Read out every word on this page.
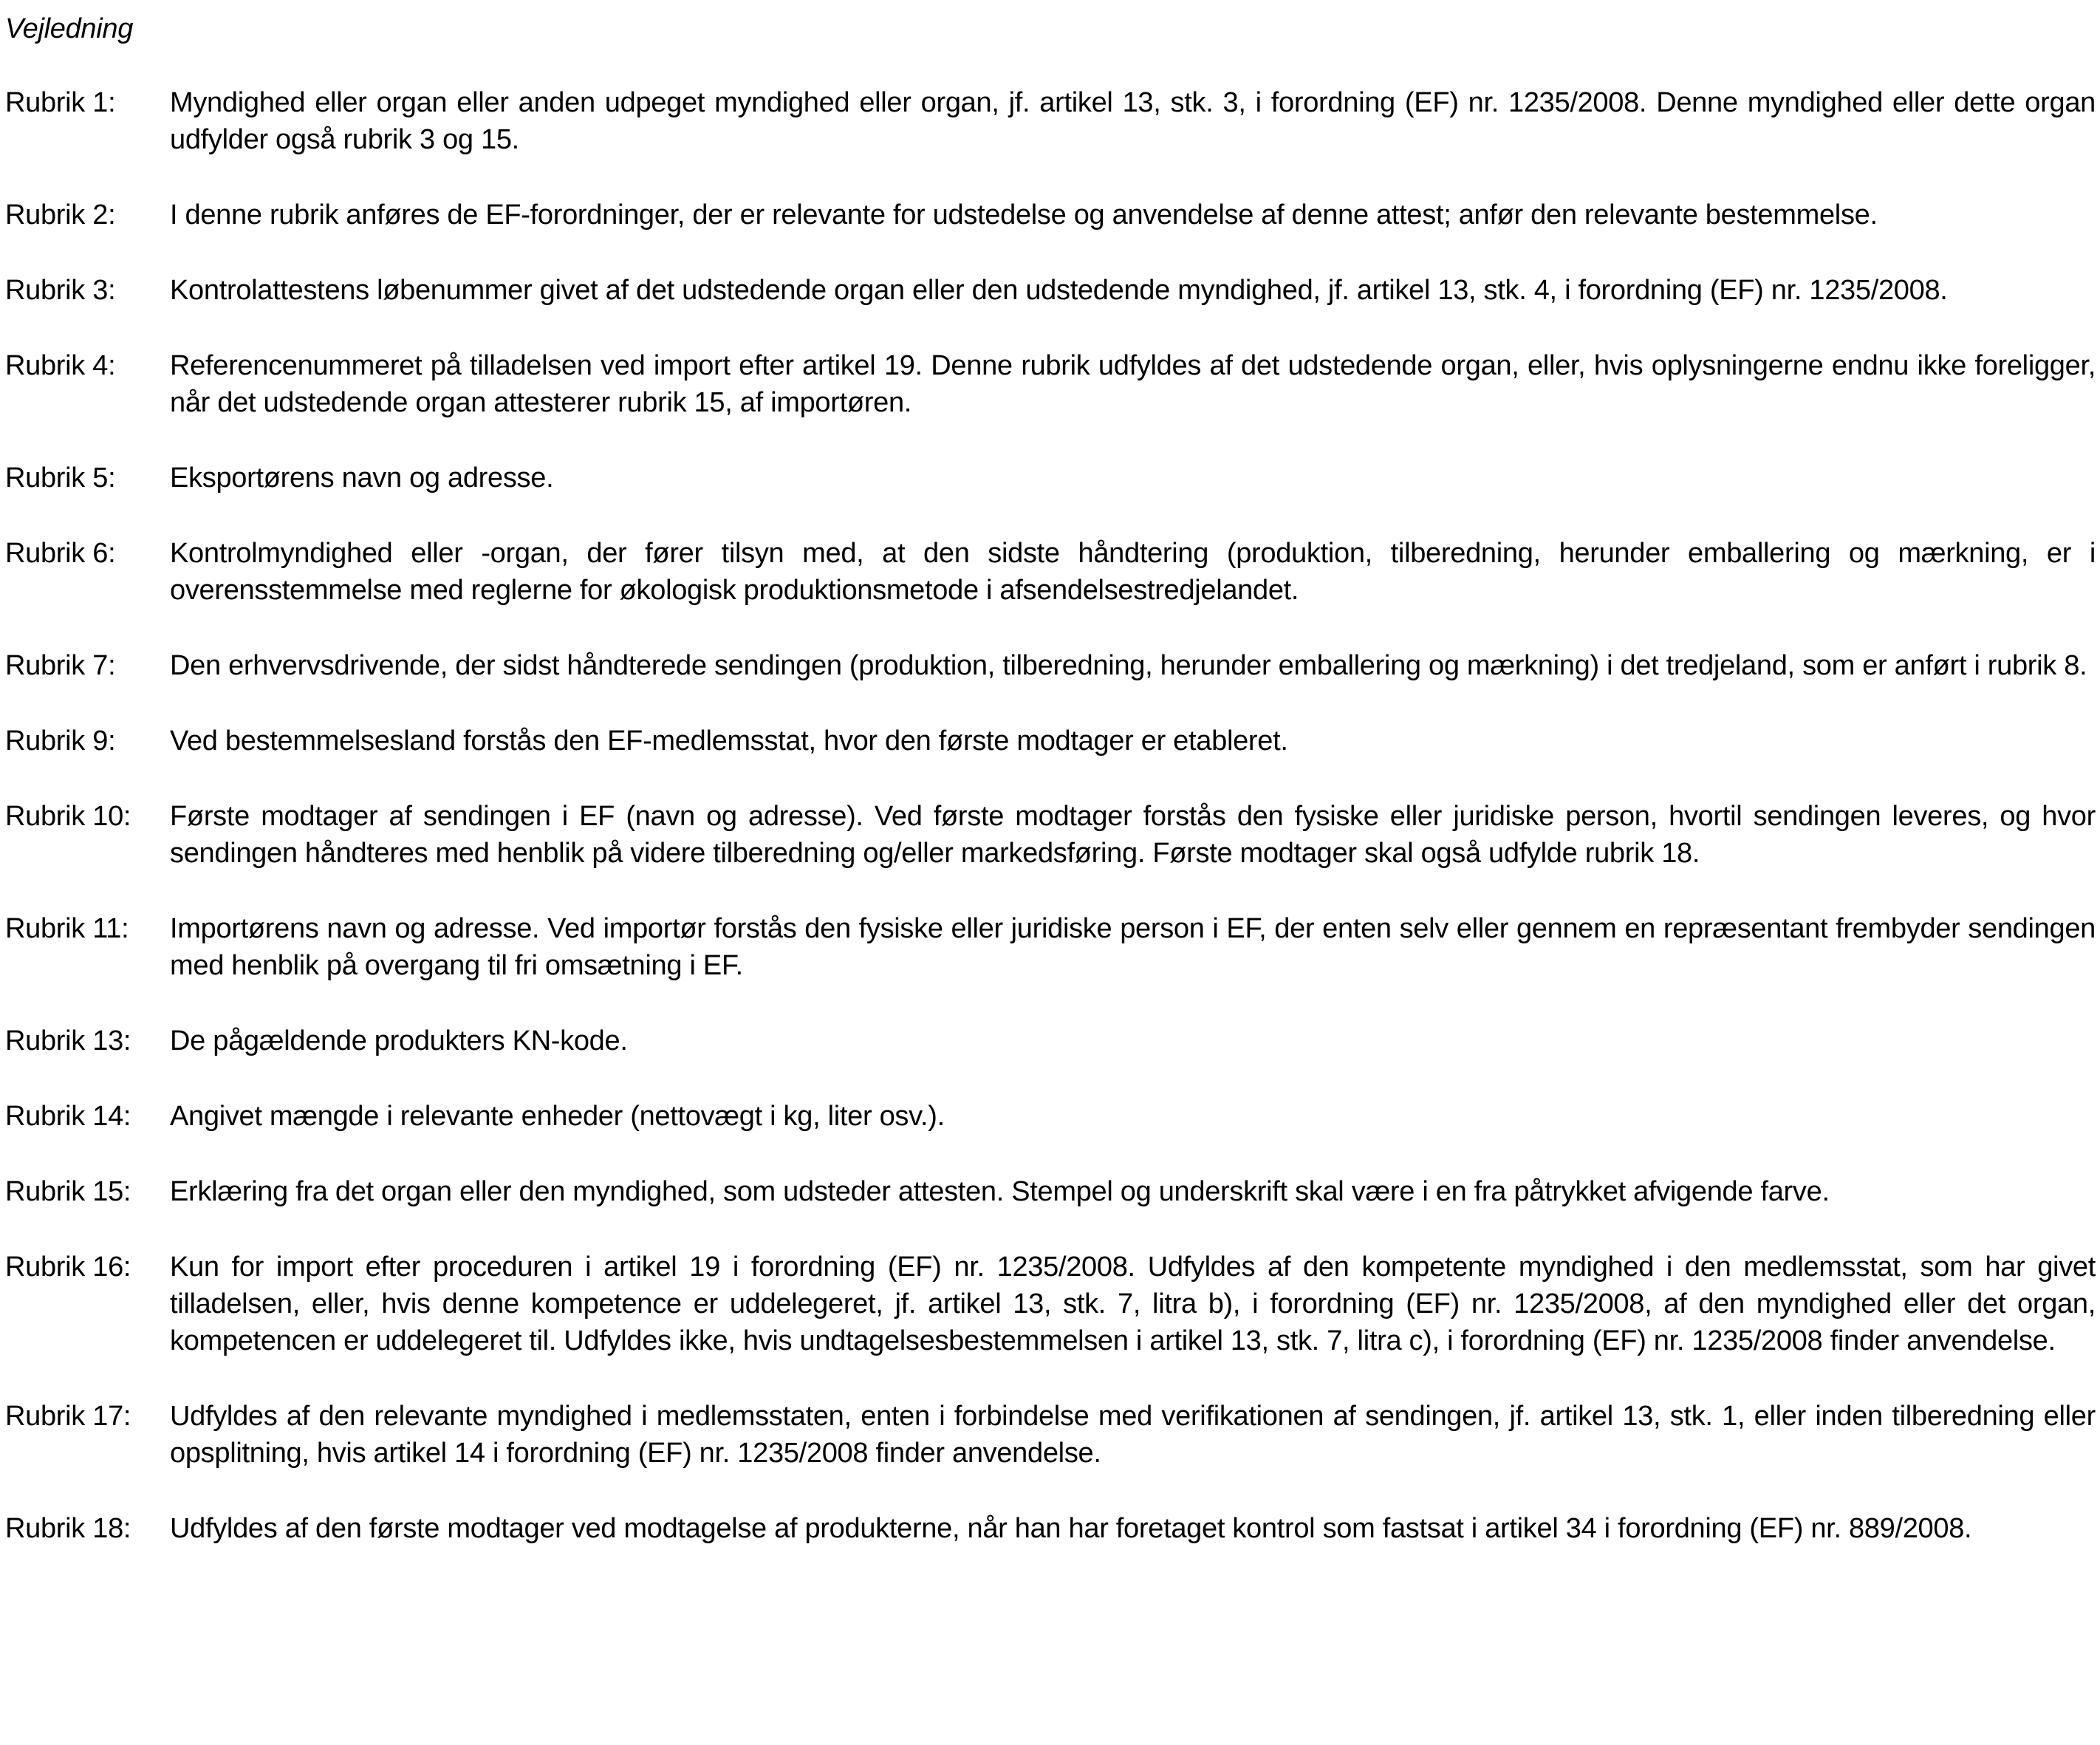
Vejledning
Rubrik 1:	Myndighed eller organ eller anden udpeget myndighed eller organ, jf. artikel 13, stk. 3, i forordning (EF) nr. 1235/2008. Denne myndighed eller dette organ udfylder også rubrik 3 og 15.
Rubrik 2:	I denne rubrik anføres de EF-forordninger, der er relevante for udstedelse og anvendelse af denne attest; anfør den relevante bestemmelse.
Rubrik 3:	Kontrolattestens løbenummer givet af det udstedende organ eller den udstedende myndighed, jf. artikel 13, stk. 4, i forordning (EF) nr. 1235/2008.
Rubrik 4:	Referencenummeret på tilladelsen ved import efter artikel 19. Denne rubrik udfyldes af det udstedende organ, eller, hvis oplysningerne endnu ikke foreligger, når det udstedende organ attesterer rubrik 15, af importøren.
Rubrik 5:	Eksportørens navn og adresse.
Rubrik 6:	Kontrolmyndighed eller -organ, der fører tilsyn med, at den sidste håndtering (produktion, tilberedning, herunder emballering og mærkning, er i overensstemmelse med reglerne for økologisk produktionsmetode i afsendelsestredjelandet.
Rubrik 7:	Den erhvervsdrivende, der sidst håndterede sendingen (produktion, tilberedning, herunder emballering og mærkning) i det tredjeland, som er anført i rubrik 8.
Rubrik 9:	Ved bestemmelsesland forstås den EF-medlemsstat, hvor den første modtager er etableret.
Rubrik 10:	Første modtager af sendingen i EF (navn og adresse). Ved første modtager forstås den fysiske eller juridiske person, hvortil sendingen leveres, og hvor sendingen håndteres med henblik på videre tilberedning og/eller markedsføring. Første modtager skal også udfylde rubrik 18.
Rubrik 11:	Importørens navn og adresse. Ved importør forstås den fysiske eller juridiske person i EF, der enten selv eller gennem en repræsentant frembyder sendingen med henblik på overgang til fri omsætning i EF.
Rubrik 13:	De pågældende produkters KN-kode.
Rubrik 14:	Angivet mængde i relevante enheder (nettovægt i kg, liter osv.).
Rubrik 15:	Erklæring fra det organ eller den myndighed, som udsteder attesten. Stempel og underskrift skal være i en fra påtrykket afvigende farve.
Rubrik 16:	Kun for import efter proceduren i artikel 19 i forordning (EF) nr. 1235/2008. Udfyldes af den kompetente myndighed i den medlemsstat, som har givet tilladelsen, eller, hvis denne kompetence er uddelegeret, jf. artikel 13, stk. 7, litra b), i forordning (EF) nr. 1235/2008, af den myndighed eller det organ, kompetencen er uddelegeret til. Udfyldes ikke, hvis undtagelsesbestemmelsen i artikel 13, stk. 7, litra c), i forordning (EF) nr. 1235/2008 finder anvendelse.
Rubrik 17:	Udfyldes af den relevante myndighed i medlemsstaten, enten i forbindelse med verifikationen af sendingen, jf. artikel 13, stk. 1, eller inden tilberedning eller opsplitning, hvis artikel 14 i forordning (EF) nr. 1235/2008 finder anvendelse.
Rubrik 18:	Udfyldes af den første modtager ved modtagelse af produkterne, når han har foretaget kontrol som fastsat i artikel 34 i forordning (EF) nr. 889/2008.
